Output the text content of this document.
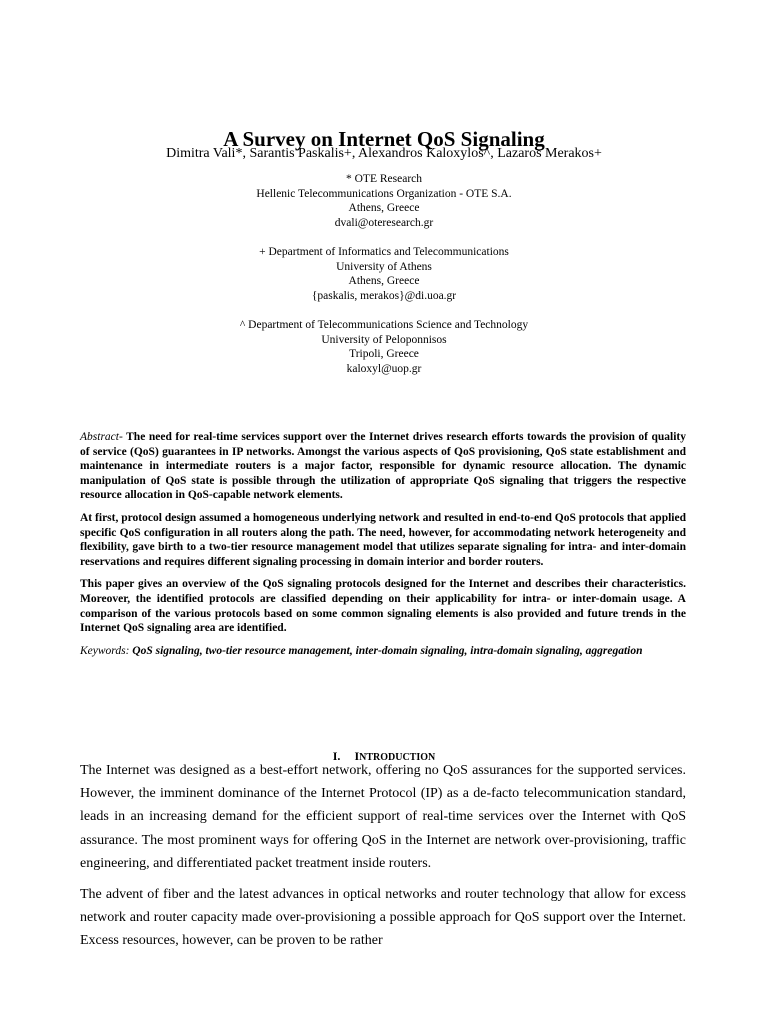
A Survey on Internet QoS Signaling
Dimitra Vali*, Sarantis Paskalis+, Alexandros Kaloxylos^, Lazaros Merakos+
* OTE Research
Hellenic Telecommunications Organization - OTE S.A.
Athens, Greece
dvali@oteresearch.gr
+ Department of Informatics and Telecommunications
University of Athens
Athens, Greece
{paskalis, merakos}@di.uoa.gr
^ Department of Telecommunications Science and Technology
University of Peloponnisos
Tripoli, Greece
kaloxyl@uop.gr

Abstract- The need for real-time services support over the Internet drives research efforts towards the provision of quality of service (QoS) guarantees in IP networks. Amongst the various aspects of QoS provisioning, QoS state establishment and maintenance in intermediate routers is a major factor, responsible for dynamic resource allocation. The dynamic manipulation of QoS state is possible through the utilization of appropriate QoS signaling that triggers the respective resource allocation in QoS-capable network elements.

At first, protocol design assumed a homogeneous underlying network and resulted in end-to-end QoS protocols that applied specific QoS configuration in all routers along the path. The need, however, for accommodating network heterogeneity and flexibility, gave birth to a two-tier resource management model that utilizes separate signaling for intra- and inter-domain reservations and requires different signaling processing in domain interior and border routers.

This paper gives an overview of the QoS signaling protocols designed for the Internet and describes their characteristics. Moreover, the identified protocols are classified depending on their applicability for intra- or inter-domain usage. A comparison of the various protocols based on some common signaling elements is also provided and future trends in the Internet QoS signaling area are identified.

Keywords: QoS signaling, two-tier resource management, inter-domain signaling, intra-domain signaling, aggregation

I. INTRODUCTION

The Internet was designed as a best-effort network, offering no QoS assurances for the supported services. However, the imminent dominance of the Internet Protocol (IP) as a de-facto telecommunication standard, leads in an increasing demand for the efficient support of real-time services over the Internet with QoS assurance. The most prominent ways for offering QoS in the Internet are network over-provisioning, traffic engineering, and differentiated packet treatment inside routers.

The advent of fiber and the latest advances in optical networks and router technology that allow for excess network and router capacity made over-provisioning a possible approach for QoS support over the Internet. Excess resources, however, can be proven to be rather
